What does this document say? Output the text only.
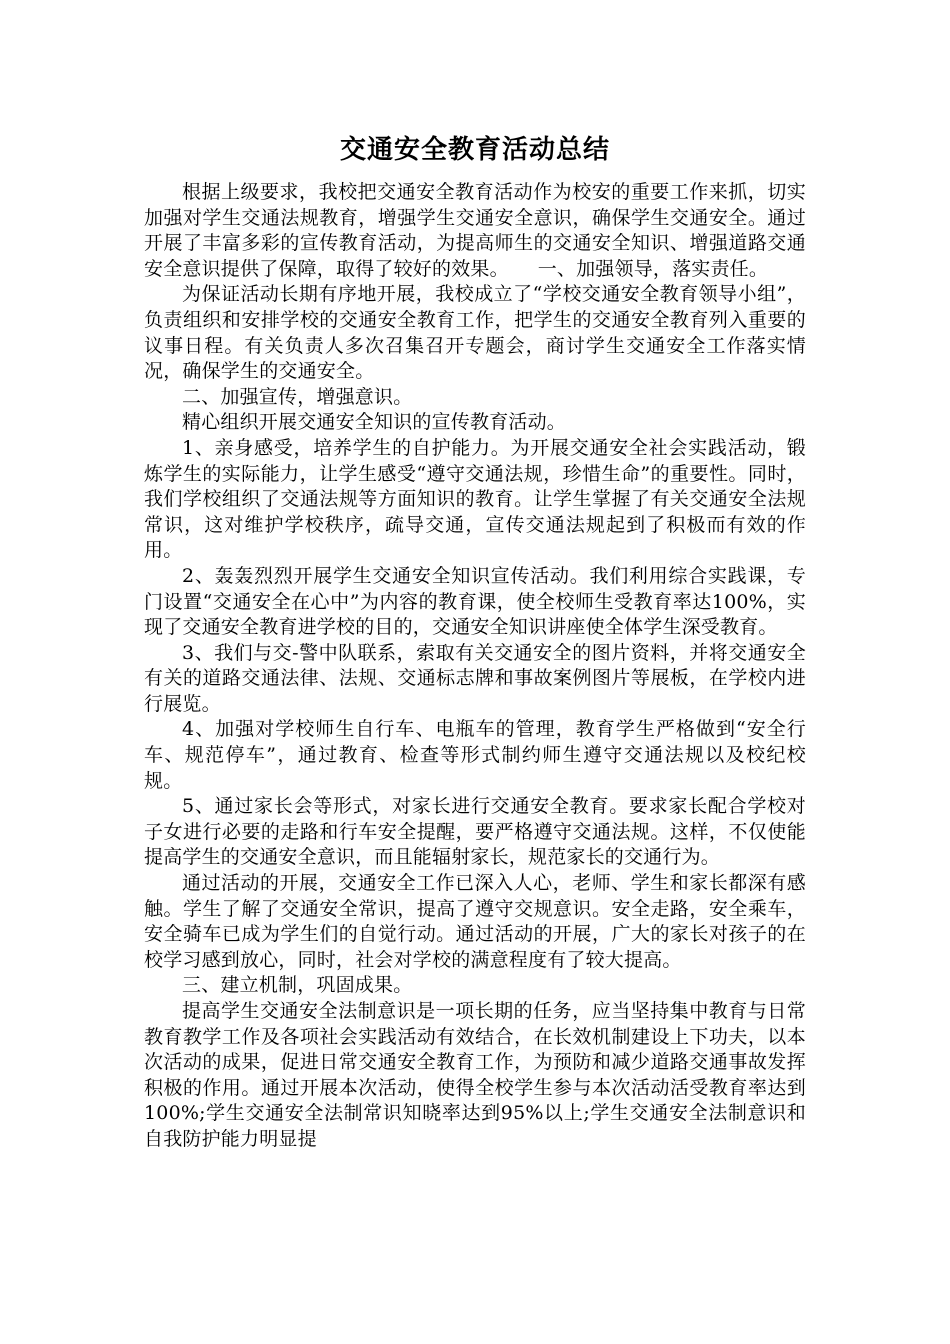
交通安全教育活动总结

根据上级要求，我校把交通安全教育活动作为校安的重要工作来抓，切实加强对学生交通法规教育，增强学生交通安全意识，确保学生交通安全。通过开展了丰富多彩的宣传教育活动，为提高师生的交通安全知识、增强道路交通安全意识提供了保障，取得了较好的效果。　　一、加强领导，落实责任。

为保证活动长期有序地开展，我校成立了“学校交通安全教育领导小组”，负责组织和安排学校的交通安全教育工作，把学生的交通安全教育列入重要的议事日程。有关负责人多次召集召开专题会，商讨学生交通安全工作落实情况，确保学生的交通安全。

二、加强宣传，增强意识。

精心组织开展交通安全知识的宣传教育活动。

1、亲身感受，培养学生的自护能力。为开展交通安全社会实践活动，锻炼学生的实际能力，让学生感受“遵守交通法规，珍惜生命”的重要性。同时，我们学校组织了交通法规等方面知识的教育。让学生掌握了有关交通安全法规常识，这对维护学校秩序，疏导交通，宣传交通法规起到了积极而有效的作用。

2、轰轰烈烈开展学生交通安全知识宣传活动。我们利用综合实践课，专门设置“交通安全在心中”为内容的教育课，使全校师生受教育率达100%，实现了交通安全教育进学校的目的，交通安全知识讲座使全体学生深受教育。

3、我们与交-警中队联系，索取有关交通安全的图片资料，并将交通安全有关的道路交通法律、法规、交通标志牌和事故案例图片等展板，在学校内进行展览。

4、加强对学校师生自行车、电瓶车的管理，教育学生严格做到“安全行车、规范停车”，通过教育、检查等形式制约师生遵守交通法规以及校纪校规。

5、通过家长会等形式，对家长进行交通安全教育。要求家长配合学校对子女进行必要的走路和行车安全提醒，要严格遵守交通法规。这样，不仅使能提高学生的交通安全意识，而且能辐射家长，规范家长的交通行为。

通过活动的开展，交通安全工作已深入人心，老师、学生和家长都深有感触。学生了解了交通安全常识，提高了遵守交规意识。安全走路，安全乘车，安全骑车已成为学生们的自觉行动。通过活动的开展，广大的家长对孩子的在校学习感到放心，同时，社会对学校的满意程度有了较大提高。

三、建立机制，巩固成果。

提高学生交通安全法制意识是一项长期的任务，应当坚持集中教育与日常教育教学工作及各项社会实践活动有效结合，在长效机制建设上下功夫，以本次活动的成果，促进日常交通安全教育工作，为预防和减少道路交通事故发挥积极的作用。通过开展本次活动，使得全校学生参与本次活动活受教育率达到100%;学生交通安全法制常识知晓率达到95%以上;学生交通安全法制意识和自我防护能力明显提
